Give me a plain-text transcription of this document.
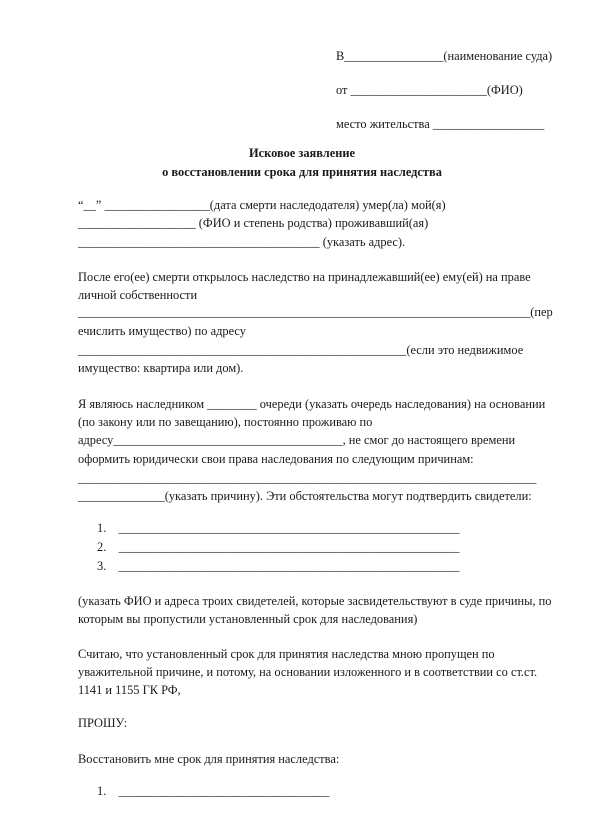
В________________(наименование суда)
от ______________________(ФИО)
место жительства __________________
Исковое заявление
о восстановлении срока для принятия наследства
“__” _________________(дата смерти наследодателя) умер(ла) мой(я)
___________________ (ФИО и степень родства) проживавший(ая)
_______________________________________ (указать адрес).
После его(ее) смерти открылось наследство на принадлежавший(ее) ему(ей) на праве
личной собственности
_________________________________________________________________________(пер
ечислить имущество) по адресу
_____________________________________________________(если это недвижимое
имущество: квартира или дом).
Я являюсь наследником ________ очереди (указать очередь наследования) на основании
(по закону или по завещанию), постоянно проживаю по
адресу_____________________________________, не смог до настоящего времени
оформить юридически свои права наследования по следующим причинам:
__________________________________________________________________________
______________(указать причину). Эти обстоятельства могут подтвердить свидетели:
1.    _______________________________________________________
2.    _______________________________________________________
3.    _______________________________________________________
(указать ФИО и адреса троих свидетелей, которые засвидетельствуют в суде причины, по
которым вы пропустили установленный срок для наследования)
Считаю, что установленный срок для принятия наследства мною пропущен по
уважительной причине, и потому, на основании изложенного и в соответствии со ст.ст.
1141 и 1155 ГК РФ,
ПРОШУ:
Восстановить мне срок для принятия наследства:
1.    __________________________________
